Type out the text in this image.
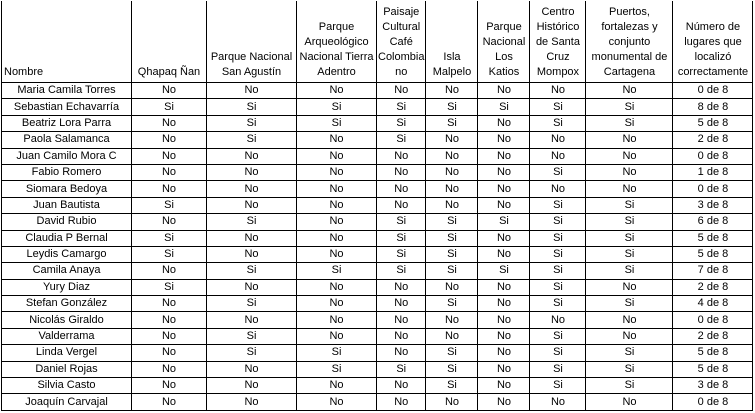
Nombre	Qhapaq Ñan	Parque Nacional San Agustín	Parque Arqueológico Nacional Tierra Adentro	Paisaje Cultural Café Colombia no	Isla Malpelo	Parque Nacional Los Katios	Centro Histórico de Santa Cruz Mompox	Puertos, fortalezas y conjunto monumental de Cartagena	Número de lugares que localizó correctamente
Maria Camila Torres	No	No	No	No	No	No	No	No	0 de 8
Sebastian Echavarría	Si	Si	Si	Si	Si	Si	Si	Si	8 de 8
Beatriz Lora Parra	No	Si	Si	Si	Si	No	Si	Si	5 de 8
Paola Salamanca	No	Si	No	Si	No	No	No	No	2 de 8
Juan Camilo Mora C	No	No	No	No	No	No	No	No	0 de 8
Fabio Romero	No	No	No	No	No	No	Si	No	1 de 8
Siomara Bedoya	No	No	No	No	No	No	No	No	0 de 8
Juan Bautista	Si	No	No	No	No	No	Si	Si	3 de 8
David Rubio	No	Si	No	Si	Si	Si	Si	Si	6 de 8
Claudia P Bernal	Si	No	No	Si	Si	No	Si	Si	5 de 8
Leydis Camargo	Si	No	No	Si	Si	No	Si	Si	5 de 8
Camila Anaya	No	Si	Si	Si	Si	Si	Si	Si	7 de 8
Yury Diaz	Si	No	No	No	No	No	Si	No	2 de 8
Stefan González	No	Si	No	No	Si	No	Si	Si	4 de 8
Nicolás Giraldo	No	No	No	No	No	No	No	No	0 de 8
Valderrama	No	Si	No	No	No	No	Si	No	2 de 8
Linda Vergel	No	Si	Si	No	Si	No	Si	Si	5 de 8
Daniel Rojas	No	No	Si	Si	Si	No	Si	Si	5 de 8
Silvia Casto	No	No	No	No	Si	No	Si	Si	3 de 8
Joaquín Carvajal	No	No	No	No	No	No	No	No	0 de 8
